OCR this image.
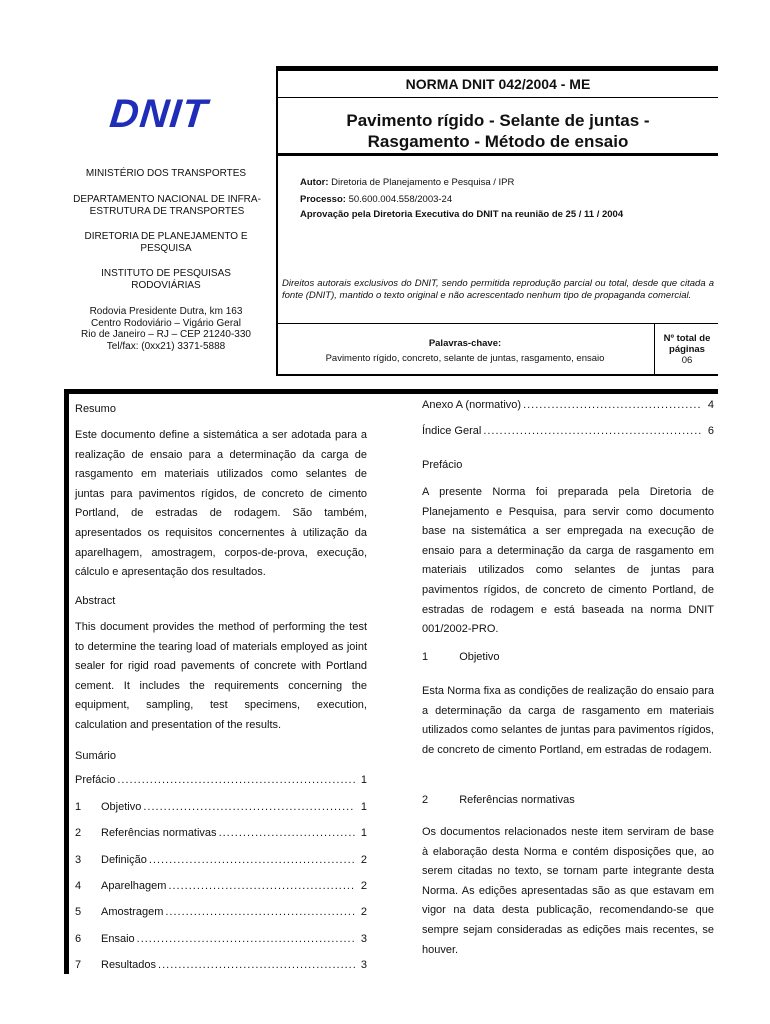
DNIT
MINISTÉRIO DOS TRANSPORTES
DEPARTAMENTO NACIONAL DE INFRA-ESTRUTURA DE TRANSPORTES
DIRETORIA DE PLANEJAMENTO E PESQUISA
INSTITUTO DE PESQUISAS RODOVIÁRIAS
Rodovia Presidente Dutra, km 163
Centro Rodoviário – Vigário Geral
Rio de Janeiro – RJ – CEP 21240-330
Tel/fax: (0xx21) 3371-5888
NORMA DNIT 042/2004 - ME
Pavimento rígido - Selante de juntas -
Rasgamento - Método de ensaio
Autor: Diretoria de Planejamento e Pesquisa / IPR
Processo: 50.600.004.558/2003-24
Aprovação pela Diretoria Executiva do DNIT na reunião de 25 / 11 / 2004
Direitos autorais exclusivos do DNIT, sendo permitida reprodução parcial ou total, desde que citada a fonte (DNIT), mantido o texto original e não acrescentado nenhum tipo de propaganda comercial.
Palavras-chave:
Pavimento rígido, concreto, selante de juntas, rasgamento, ensaio
Nº total de páginas
06
Resumo

Este documento define a sistemática a ser adotada para a realização de ensaio para a determinação da carga de rasgamento em materiais utilizados como selantes de juntas para pavimentos rígidos, de concreto de cimento Portland, de estradas de rodagem. São também, apresentados os requisitos concernentes à utilização da aparelhagem, amostragem, corpos-de-prova, execução, cálculo e apresentação dos resultados.

Abstract

This document provides the method of performing the test to determine the tearing load of materials employed as joint sealer for rigid road pavements of concrete with Portland cement. It includes the requirements concerning the equipment, sampling, test specimens, execution, calculation and presentation of the results.

Sumário
Prefácio .....	1
1	Objetivo .....	1
2	Referências normativas .....	1
3	Definição .....	2
4	Aparelhagem .....	2
5	Amostragem .....	2
6	Ensaio .....	3
7	Resultados .....	3
Anexo A (normativo) .....	4
Índice Geral .....	6
Prefácio

A presente Norma foi preparada pela Diretoria de Planejamento e Pesquisa, para servir como documento base na sistemática a ser empregada na execução de ensaio para a determinação da carga de rasgamento em materiais utilizados como selantes de juntas para pavimentos rígidos, de concreto de cimento Portland, de estradas de rodagem e está baseada na norma DNIT 001/2002-PRO.

1	Objetivo

Esta Norma fixa as condições de realização do ensaio para a determinação da carga de rasgamento em materiais utilizados como selantes de juntas para pavimentos rígidos, de concreto de cimento Portland, em estradas de rodagem.

2	Referências normativas

Os documentos relacionados neste item serviram de base à elaboração desta Norma e contém disposições que, ao serem citadas no texto, se tornam parte integrante desta Norma. As edições apresentadas são as que estavam em vigor na data desta publicação, recomendando-se que sempre sejam consideradas as edições mais recentes, se houver.
